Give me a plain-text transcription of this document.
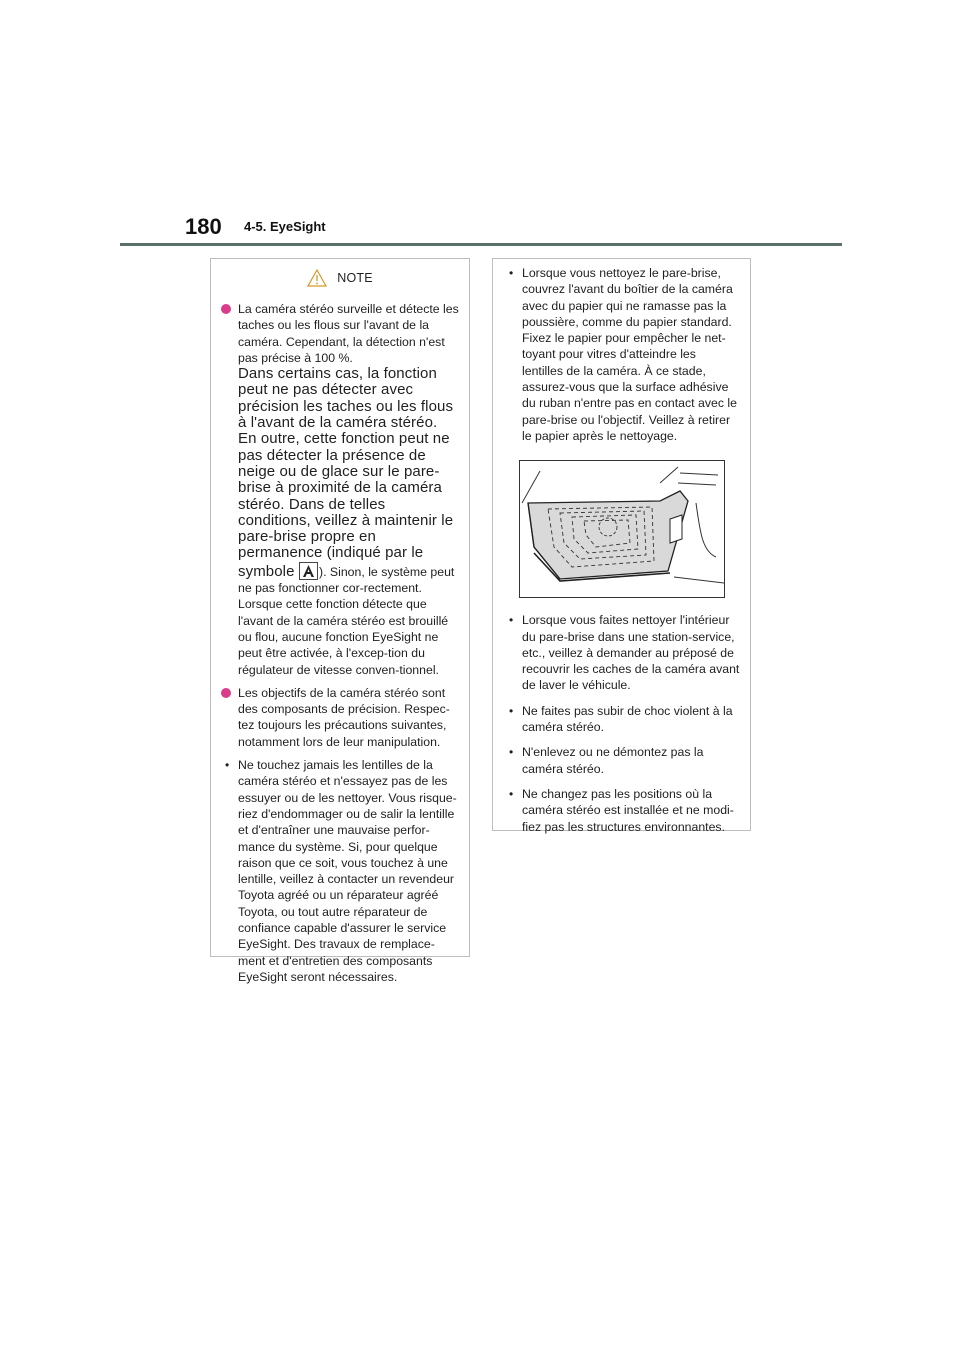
180 4-5. EyeSight
NOTE

La caméra stéréo surveille et détecte les taches ou les flous sur l'avant de la caméra. Cependant, la détection n'est pas précise à 100 %.
Dans certains cas, la fonction peut ne pas détecter avec précision les taches ou les flous à l'avant de la caméra stéréo. En outre, cette fonction peut ne pas détecter la présence de neige ou de glace sur le pare-brise à proximité de la caméra stéréo. Dans de telles conditions, veillez à maintenir le pare-brise propre en permanence (indiqué par le symbole ). Sinon, le système peut ne pas fonctionner cor-rectement. Lorsque cette fonction détecte que l'avant de la caméra stéréo est brouillé ou flou, aucune fonction EyeSight ne peut être activée, à l'excep-tion du régulateur de vitesse conven-tionnel.

Les objectifs de la caméra stéréo sont des composants de précision. Respec-tez toujours les précautions suivantes, notamment lors de leur manipulation.

• Ne touchez jamais les lentilles de la caméra stéréo et n'essayez pas de les essuyer ou de les nettoyer. Vous risque-riez d'endommager ou de salir la lentille et d'entraîner une mauvaise perfor-mance du système. Si, pour quelque raison que ce soit, vous touchez à une lentille, veillez à contacter un revendeur Toyota agréé ou un réparateur agréé Toyota, ou tout autre réparateur de confiance capable d'assurer le service EyeSight. Des travaux de remplace-ment et d'entretien des composants EyeSight seront nécessaires.

• Lorsque vous nettoyez le pare-brise, couvrez l'avant du boîtier de la caméra avec du papier qui ne ramasse pas la poussière, comme du papier standard. Fixez le papier pour empêcher le net-toyant pour vitres d'atteindre les lentilles de la caméra. À ce stade, assurez-vous que la surface adhésive du ruban n'entre pas en contact avec le pare-brise ou l'objectif. Veillez à retirer le papier après le nettoyage.

• Lorsque vous faites nettoyer l'intérieur du pare-brise dans une station-service, etc., veillez à demander au préposé de recouvrir les caches de la caméra avant de laver le véhicule.

• Ne faites pas subir de choc violent à la caméra stéréo.

• N'enlevez ou ne démontez pas la caméra stéréo.

• Ne changez pas les positions où la caméra stéréo est installée et ne modi-fiez pas les structures environnantes.
